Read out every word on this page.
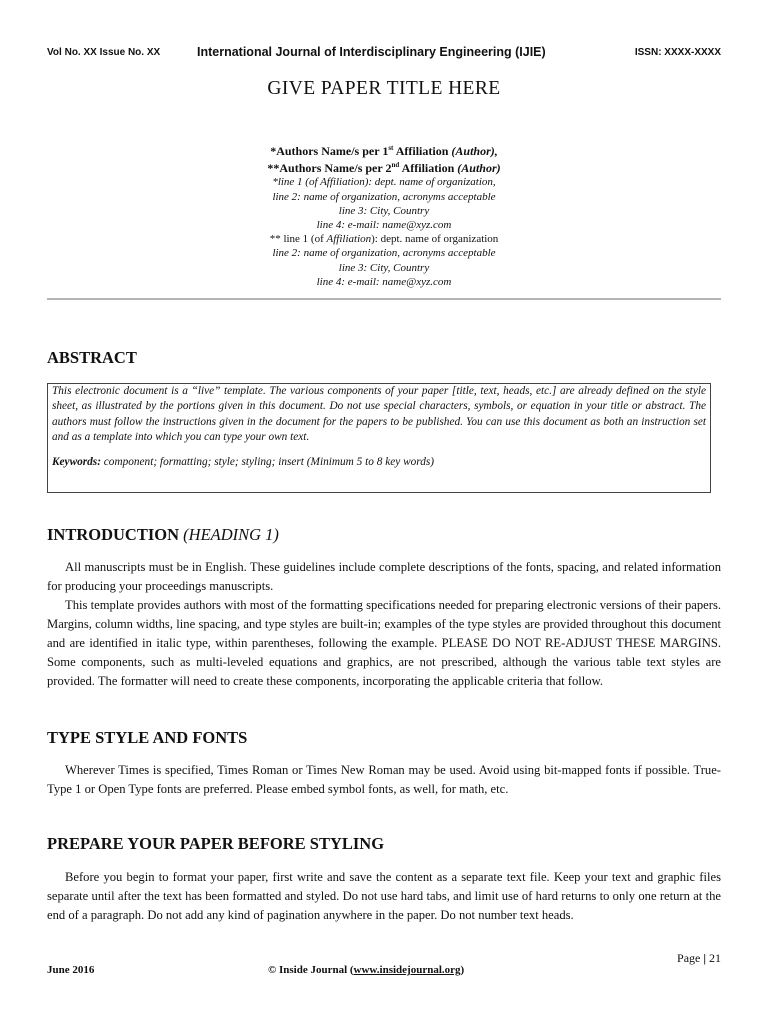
Vol No. XX Issue No. XX	International Journal of Interdisciplinary Engineering (IJIE)	ISSN: XXXX-XXXX
GIVE PAPER TITLE HERE
*Authors Name/s per 1st Affiliation (Author),
**Authors Name/s per 2nd Affiliation (Author)
*line 1 (of Affiliation): dept. name of organization,
line 2: name of organization, acronyms acceptable
line 3: City, Country
line 4: e-mail: name@xyz.com
** line 1 (of Affiliation): dept. name of organization
line 2: name of organization, acronyms acceptable
line 3: City, Country
line 4: e-mail: name@xyz.com
ABSTRACT

This electronic document is a “live” template. The various components of your paper [title, text, heads, etc.] are already defined on the style sheet, as illustrated by the portions given in this document. Do not use special characters, symbols, or equation in your title or abstract. The authors must follow the instructions given in the document for the papers to be published. You can use this document as both an instruction set and as a template into which you can type your own text.

Keywords: component; formatting; style; styling; insert (Minimum 5 to 8 key words)

INTRODUCTION (HEADING 1)

All manuscripts must be in English. These guidelines include complete descriptions of the fonts, spacing, and related information for producing your proceedings manuscripts.

This template provides authors with most of the formatting specifications needed for preparing electronic versions of their papers. Margins, column widths, line spacing, and type styles are built-in; examples of the type styles are provided throughout this document and are identified in italic type, within parentheses, following the example. PLEASE DO NOT RE-ADJUST THESE MARGINS. Some components, such as multi-leveled equations and graphics, are not prescribed, although the various table text styles are provided. The formatter will need to create these components, incorporating the applicable criteria that follow.

TYPE STYLE AND FONTS

Wherever Times is specified, Times Roman or Times New Roman may be used. Avoid using bit-mapped fonts if possible. True-Type 1 or Open Type fonts are preferred. Please embed symbol fonts, as well, for math, etc.

PREPARE YOUR PAPER BEFORE STYLING

Before you begin to format your paper, first write and save the content as a separate text file. Keep your text and graphic files separate until after the text has been formatted and styled. Do not use hard tabs, and limit use of hard returns to only one return at the end of a paragraph. Do not add any kind of pagination anywhere in the paper. Do not number text heads.

Page | 21
June 2016	© Inside Journal (www.insidejournal.org)
